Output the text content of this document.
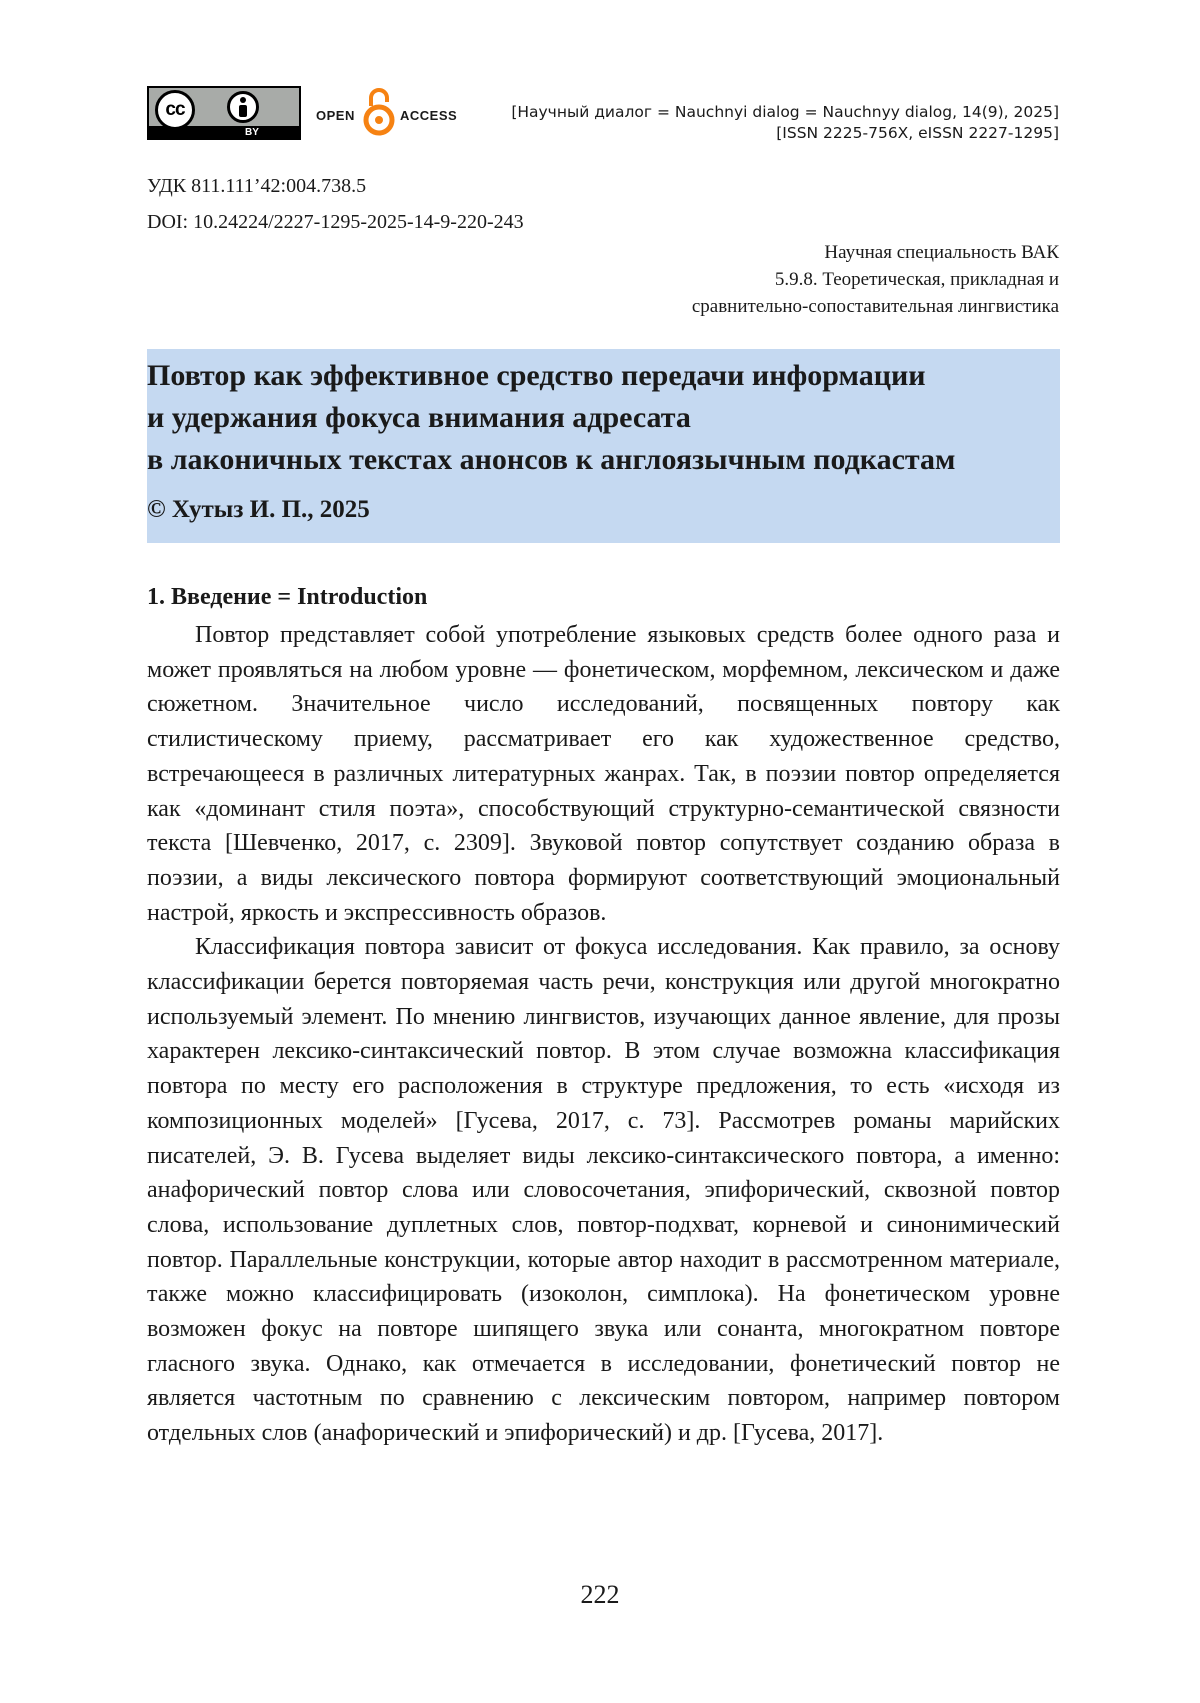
cc
BY
OPEN	ACCESS	[Научный диалог = Nauchnyi dialog = Nauchnyy dialog, 14(9), 2025]
[ISSN 2225-756X, eISSN 2227-1295]
УДК 811.111’42:004.738.5
DOI: 10.24224/2227-1295-2025-14-9-220-243
Научная специальность ВАК
5.9.8. Теоретическая, прикладная и
сравнительно-сопоставительная лингвистика
Повтор как эффективное средство передачи информации
и удержания фокуса внимания адресата
в лаконичных текстах анонсов к англоязычным подкастам

© Хутыз И. П., 2025

1. Введение = Introduction

Повтор представляет собой употребление языковых средств более одного раза и может проявляться на любом уровне — фонетическом, морфемном, лексическом и даже сюжетном. Значительное число исследований, посвященных повтору как стилистическому приему, рассматривает его как художественное средство, встречающееся в различных литературных жанрах. Так, в поэзии повтор определяется как «доминант стиля поэта», способствующий структурно-семантической связности текста [Шевченко, 2017, с. 2309]. Звуковой повтор сопутствует созданию образа в поэзии, а виды лексического повтора формируют соответствующий эмоциональный настрой, яркость и экспрессивность образов.

Классификация повтора зависит от фокуса исследования. Как правило, за основу классификации берется повторяемая часть речи, конструкция или другой многократно используемый элемент. По мнению лингвистов, изучающих данное явление, для прозы характерен лексико-синтаксический повтор. В этом случае возможна классификация повтора по месту его расположения в структуре предложения, то есть «исходя из композиционных моделей» [Гусева, 2017, с. 73]. Рассмотрев романы марийских писателей, Э. В. Гусева выделяет виды лексико-синтаксического повтора, а именно: анафорический повтор слова или словосочетания, эпифорический, сквозной повтор слова, использование дуплетных слов, повтор-подхват, корневой и синонимический повтор. Параллельные конструкции, которые автор находит в рассмотренном материале, также можно классифицировать (изоколон, симплока). На фонетическом уровне возможен фокус на повторе шипящего звука или сонанта, многократном повторе гласного звука. Однако, как отмечается в исследовании, фонетический повтор не является частотным по сравнению с лексическим повтором, например повтором отдельных слов (анафорический и эпифорический) и др. [Гусева, 2017].

222
